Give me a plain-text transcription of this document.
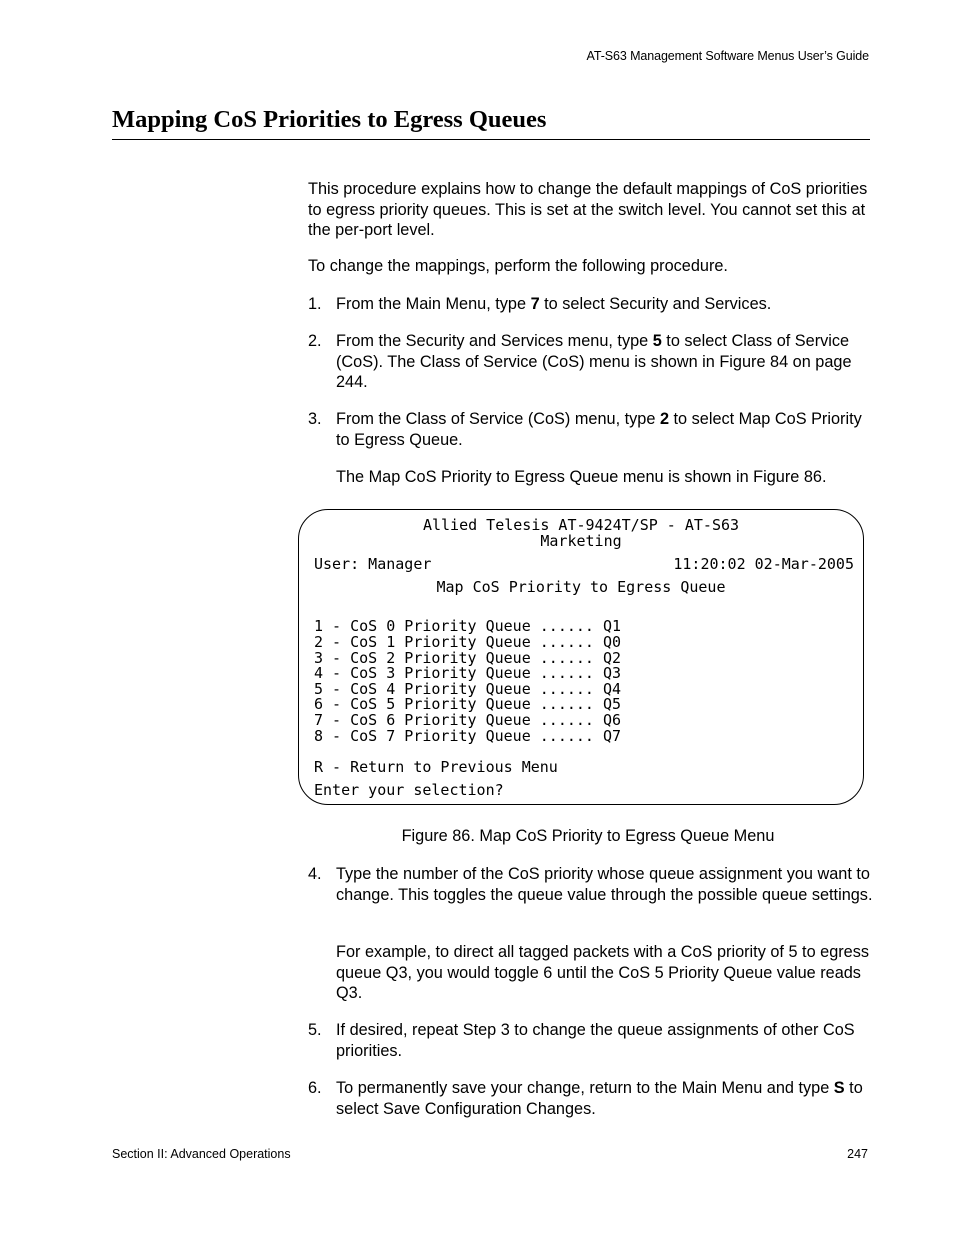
AT-S63 Management Software Menus User’s Guide
Mapping CoS Priorities to Egress Queues

This procedure explains how to change the default mappings of CoS priorities to egress priority queues. This is set at the switch level. You cannot set this at the per-port level.

To change the mappings, perform the following procedure.

1. From the Main Menu, type 7 to select Security and Services.
2. From the Security and Services menu, type 5 to select Class of Service (CoS). The Class of Service (CoS) menu is shown in Figure 84 on page 244.
3. From the Class of Service (CoS) menu, type 2 to select Map CoS Priority to Egress Queue.

The Map CoS Priority to Egress Queue menu is shown in Figure 86.

Allied Telesis AT-9424T/SP - AT-S63
Marketing
User: Manager	11:20:02 02-Mar-2005
Map CoS Priority to Egress Queue
1 - CoS 0 Priority Queue ...... Q1
2 - CoS 1 Priority Queue ...... Q0
3 - CoS 2 Priority Queue ...... Q2
4 - CoS 3 Priority Queue ...... Q3
5 - CoS 4 Priority Queue ...... Q4
6 - CoS 5 Priority Queue ...... Q5
7 - CoS 6 Priority Queue ...... Q6
8 - CoS 7 Priority Queue ...... Q7
R - Return to Previous Menu
Enter your selection?
Figure 86. Map CoS Priority to Egress Queue Menu
4. Type the number of the CoS priority whose queue assignment you want to change. This toggles the queue value through the possible queue settings.

For example, to direct all tagged packets with a CoS priority of 5 to egress queue Q3, you would toggle 6 until the CoS 5 Priority Queue value reads Q3.

5. If desired, repeat Step 3 to change the queue assignments of other CoS priorities.
6. To permanently save your change, return to the Main Menu and type S to select Save Configuration Changes.
Section II: Advanced Operations	247
